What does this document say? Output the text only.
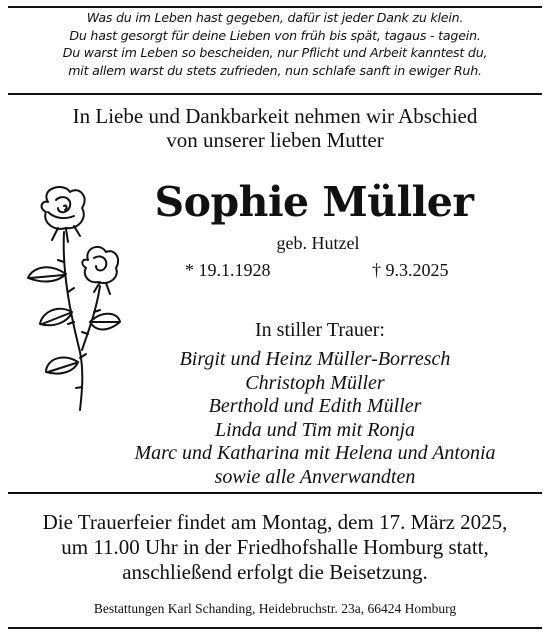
Was du im Leben hast gegeben, dafür ist jeder Dank zu klein.
Du hast gesorgt für deine Lieben von früh bis spät, tagaus - tagein.
Du warst im Leben so bescheiden, nur Pflicht und Arbeit kanntest du,
mit allem warst du stets zufrieden, nun schlafe sanft in ewiger Ruh.
In Liebe und Dankbarkeit nehmen wir Abschied
von unserer lieben Mutter
Sophie Müller
geb. Hutzel
* 19.1.1928	† 9.3.2025
In stiller Trauer:
Birgit und Heinz Müller-Borresch
Christoph Müller
Berthold und Edith Müller
Linda und Tim mit Ronja
Marc und Katharina mit Helena und Antonia
sowie alle Anverwandten
Die Trauerfeier findet am Montag, dem 17. März 2025,
um 11.00 Uhr in der Friedhofshalle Homburg statt,
anschließend erfolgt die Beisetzung.
Bestattungen Karl Schanding, Heidebruchstr. 23a, 66424 Homburg
